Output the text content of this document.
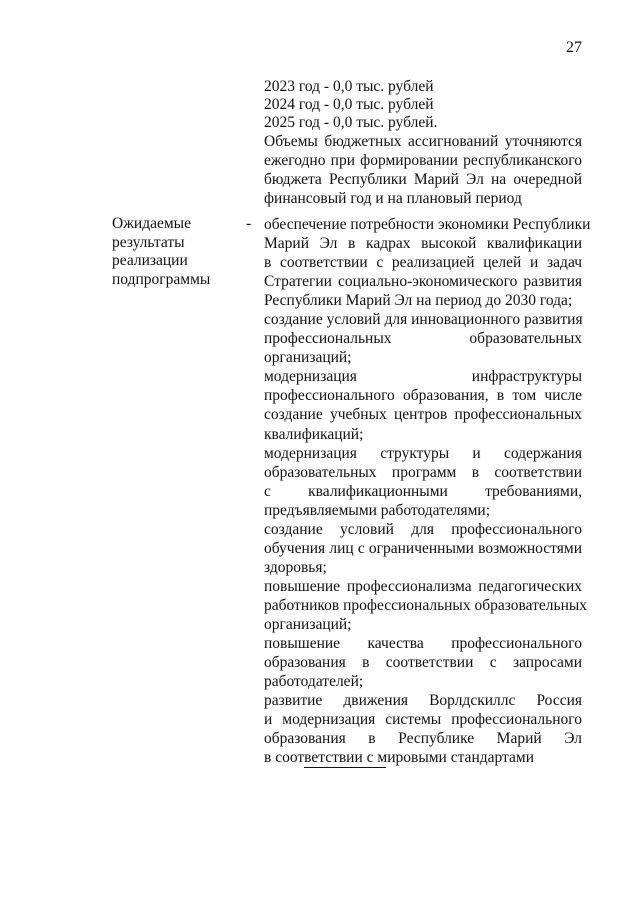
27
2023 год - 0,0 тыс. рублей
2024 год - 0,0 тыс. рублей
2025 год - 0,0 тыс. рублей.
Объемы бюджетных ассигнований уточняются
ежегодно при формировании республиканского
бюджета Республики Марий Эл на очередной
финансовый год и на плановый период
Ожидаемые
результаты
реализации
подпрограммы
- обеспечение потребности экономики Республики
Марий Эл в кадрах высокой квалификации
в соответствии с реализацией целей и задач
Стратегии социально-экономического развития
Республики Марий Эл на период до 2030 года;
создание условий для инновационного развития
профессиональных образовательных
организаций;
модернизация инфраструктуры
профессионального образования, в том числе
создание учебных центров профессиональных
квалификаций;
модернизация структуры и содержания
образовательных программ в соответствии
с квалификационными требованиями,
предъявляемыми работодателями;
создание условий для профессионального
обучения лиц с ограниченными возможностями
здоровья;
повышение профессионализма педагогических
работников профессиональных образовательных
организаций;
повышение качества профессионального
образования в соответствии с запросами
работодателей;
развитие движения Ворлдскиллс Россия
и модернизация системы профессионального
образования в Республике Марий Эл
в соответствии с мировыми стандартами
